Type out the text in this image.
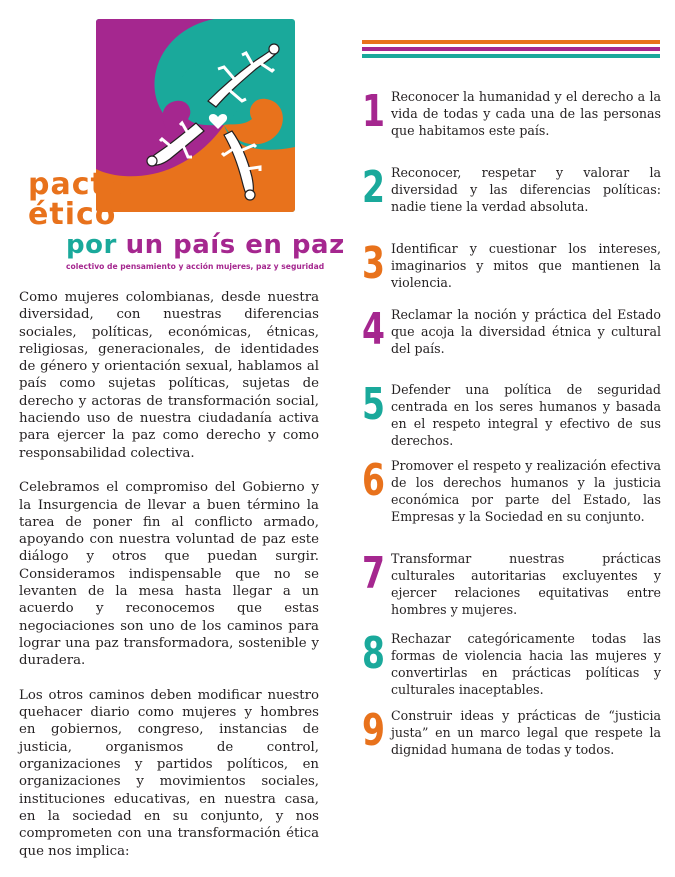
pacto
ético
por un país en paz
colectivo de pensamiento y acción mujeres, paz y seguridad

Como mujeres colombianas, desde nuestra diversidad, con nuestras diferencias sociales, políticas, económicas, étnicas, religiosas, generacionales, de identidades de género y orientación sexual, hablamos al país como sujetas políticas, sujetas de derecho y actoras de transformación social, haciendo uso de nuestra ciudadanía activa para ejercer la paz como derecho y como responsabilidad colectiva.

Celebramos el compromiso del Gobierno y la Insurgencia de llevar a buen término la tarea de poner fin al conflicto armado, apoyando con nuestra voluntad de paz este diálogo y otros que puedan surgir. Consideramos indispensable que no se levanten de la mesa hasta llegar a un acuerdo y reconocemos que estas negociaciones son uno de los caminos para lograr una paz transformadora, sostenible y duradera.

Los otros caminos deben modificar nuestro quehacer diario como mujeres y hombres en gobiernos, congreso, instancias de justicia, organismos de control, organizaciones y partidos políticos, en organizaciones y movimientos sociales, instituciones educativas, en nuestra casa, en la sociedad en su conjunto, y nos comprometen con una transformación ética que nos implica:

1 Reconocer la humanidad y el derecho a la vida de todas y cada una de las personas que habitamos este país.
2 Reconocer, respetar y valorar la diversidad y las diferencias políticas: nadie tiene la verdad absoluta.
3 Identificar y cuestionar los intereses, imaginarios y mitos que mantienen la violencia.
4 Reclamar la noción y práctica del Estado que acoja la diversidad étnica y cultural del país.
5 Defender una política de seguridad centrada en los seres humanos y basada en el respeto integral y efectivo de sus derechos.
6 Promover el respeto y realización efectiva de los derechos humanos y la justicia económica por parte del Estado, las Empresas y la Sociedad en su conjunto.
7 Transformar nuestras prácticas culturales autoritarias excluyentes y ejercer relaciones equitativas entre hombres y mujeres.
8 Rechazar categóricamente todas las formas de violencia hacia las mujeres y convertirlas en prácticas políticas y culturales inaceptables.
9 Construir ideas y prácticas de “justicia justa” en un marco legal que respete la dignidad humana de todas y todos.
